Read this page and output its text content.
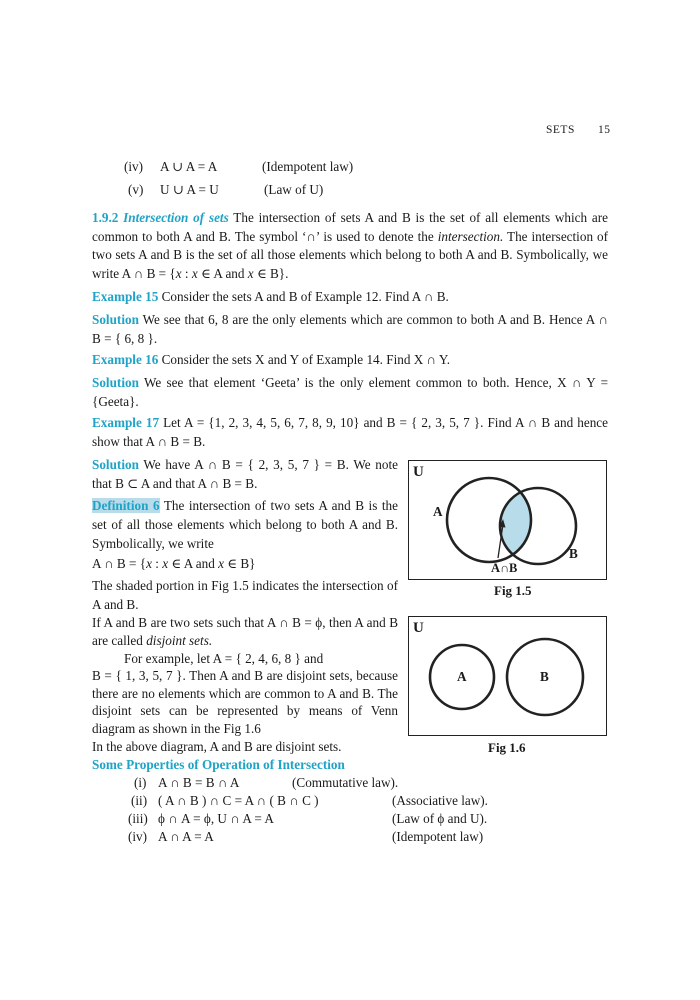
SETS 15
(iv) A ∪ A = A	(Idempotent law)
(v) U ∪ A = U	(Law of U)

1.9.2 Intersection of sets The intersection of sets A and B is the set of all elements which are common to both A and B. The symbol ‘∩’ is used to denote the intersection. The intersection of two sets A and B is the set of all those elements which belong to both A and B. Symbolically, we write A ∩ B = {x : x ∈ A and x ∈ B}.

Example 15 Consider the sets A and B of Example 12. Find A ∩ B.

Solution We see that 6, 8 are the only elements which are common to both A and B. Hence A ∩ B = { 6, 8 }.

Example 16 Consider the sets X and Y of Example 14. Find X ∩ Y.

Solution We see that element ‘Geeta’ is the only element common to both. Hence, X ∩ Y = {Geeta}.

Example 17 Let A = {1, 2, 3, 4, 5, 6, 7, 8, 9, 10} and B = { 2, 3, 5, 7 }. Find A ∩ B and hence show that A ∩ B = B.

Solution We have A ∩ B = { 2, 3, 5, 7 } = B. We note that B ⊂ A and that A ∩ B = B.

Definition 6 The intersection of two sets A and B is the set of all those elements which belong to both A and B. Symbolically, we write

A ∩ B = {x : x ∈ A and x ∈ B}

The shaded portion in Fig 1.5 indicates the intersection of A and B.

If A and B are two sets such that A ∩ B = ϕ, then A and B are called disjoint sets.

For example, let A = { 2, 4, 6, 8 } and

B = { 1, 3, 5, 7 }. Then A and B are disjoint sets, because there are no elements which are common to A and B. The disjoint sets can be represented by means of Venn diagram as shown in the Fig 1.6

In the above diagram, A and B are disjoint sets.
U
A
B
A∩B
Fig 1.5
U
A	B
Fig 1.6
Some Properties of Operation of Intersection
(i) A ∩ B = B ∩ A	(Commutative law).
(ii) ( A ∩ B ) ∩ C = A ∩ ( B ∩ C )	(Associative law).
(iii) ϕ ∩ A = ϕ, U ∩ A = A	(Law of ϕ and U).
(iv) A ∩ A = A	(Idempotent law)
